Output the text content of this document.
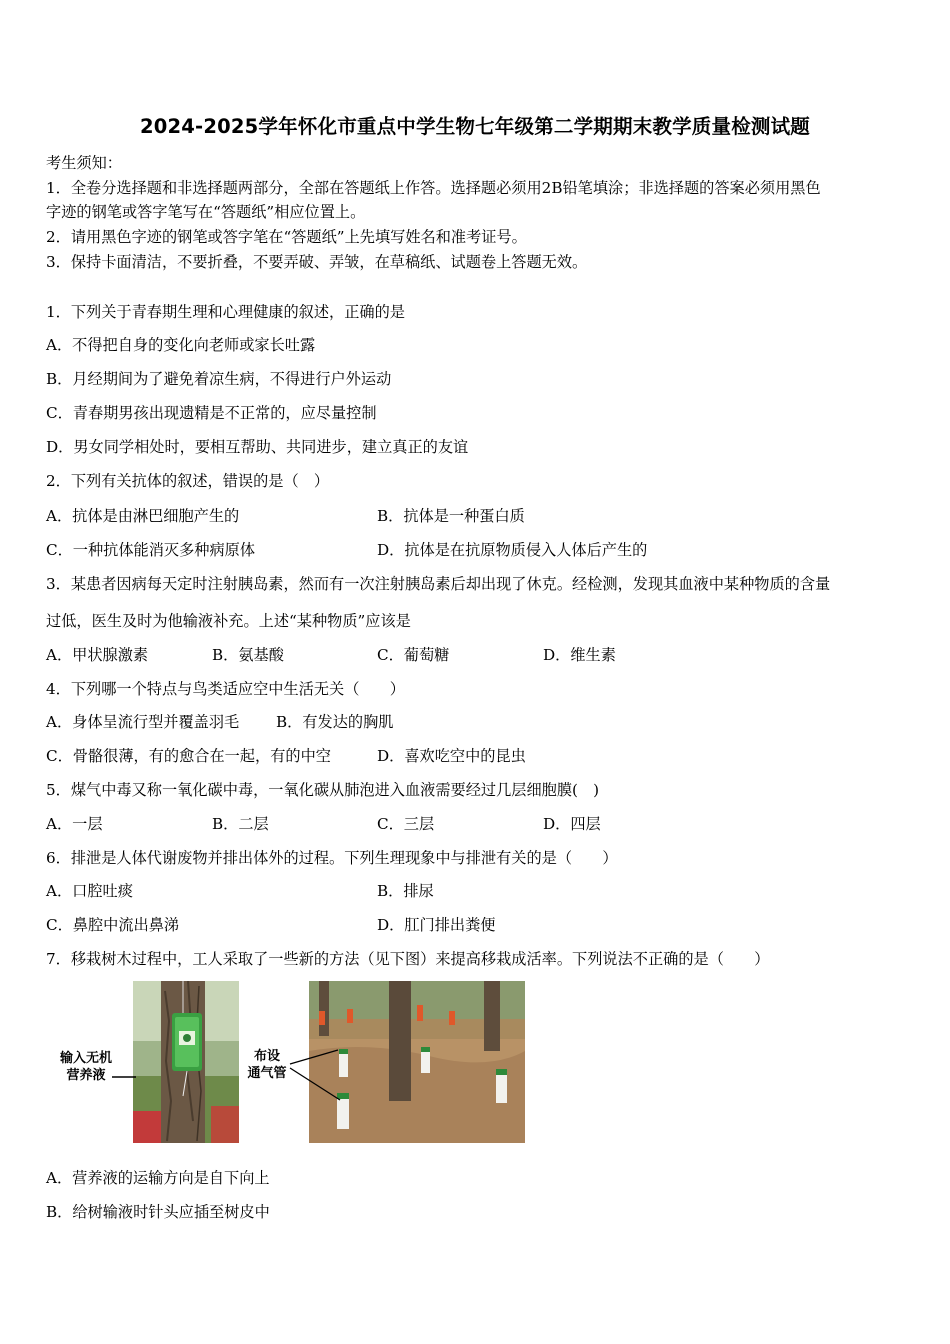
2024-2025学年怀化市重点中学生物七年级第二学期期末教学质量检测试题
考生须知：
1．全卷分选择题和非选择题两部分，全部在答题纸上作答。选择题必须用2B铅笔填涂；非选择题的答案必须用黑色
字迹的钢笔或答字笔写在“答题纸”相应位置上。
2．请用黑色字迹的钢笔或答字笔在“答题纸”上先填写姓名和准考证号。
3．保持卡面清洁，不要折叠，不要弄破、弄皱，在草稿纸、试题卷上答题无效。
1．下列关于青春期生理和心理健康的叙述，正确的是
A．不得把自身的变化向老师或家长吐露
B．月经期间为了避免着凉生病，不得进行户外运动
C．青春期男孩出现遗精是不正常的，应尽量控制
D．男女同学相处时，要相互帮助、共同进步，建立真正的友谊
2．下列有关抗体的叙述，错误的是（　）
A．抗体是由淋巴细胞产生的	B．抗体是一种蛋白质
C．一种抗体能消灭多种病原体	D．抗体是在抗原物质侵入人体后产生的
3．某患者因病每天定时注射胰岛素，然而有一次注射胰岛素后却出现了休克。经检测，发现其血液中某种物质的含量
过低，医生及时为他输液补充。上述“某种物质”应该是
A．甲状腺激素	B．氨基酸	C．葡萄糖	D．维生素
4．下列哪一个特点与鸟类适应空中生活无关（　　）
A．身体呈流行型并覆盖羽毛 B．有发达的胸肌
C．骨骼很薄，有的愈合在一起，有的中空	D．喜欢吃空中的昆虫
5．煤气中毒又称一氧化碳中毒，一氧化碳从肺泡进入血液需要经过几层细胞膜(　)
A．一层	B．二层	C．三层	D．四层
6．排泄是人体代谢废物并排出体外的过程。下列生理现象中与排泄有关的是（　　）
A．口腔吐痰	B．排尿
C．鼻腔中流出鼻涕	D．肛门排出粪便
7．移栽树木过程中，工人采取了一些新的方法（见下图）来提高移栽成活率。下列说法不正确的是（　　）
输入无机
营养液
布设
通气管
A．营养液的运输方向是自下向上
B．给树输液时针头应插至树皮中
